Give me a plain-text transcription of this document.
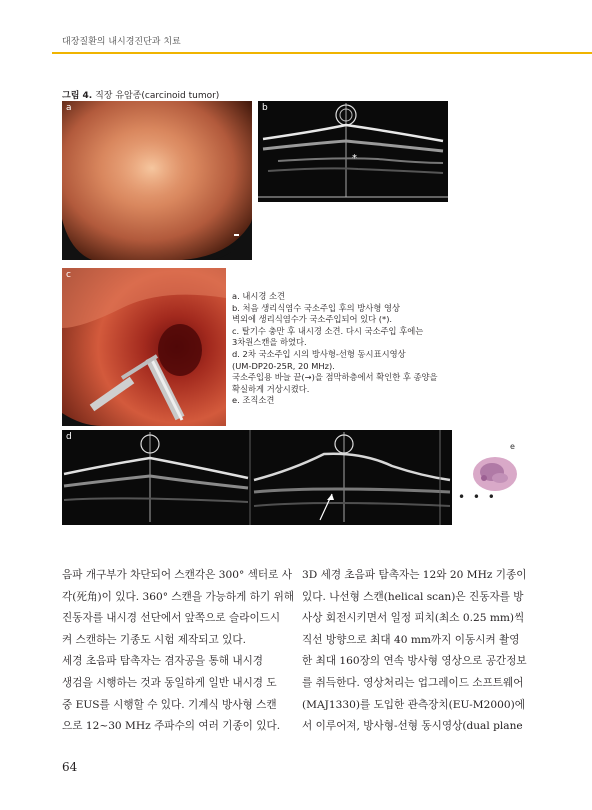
대장질환의 내시경진단과 치료
그림 4. 직장 유암종(carcinoid tumor)
a	b
*
c
a. 내시경 소견
b. 처음 생리식염수 국소주입 후의 방사형 영상
벽외에 생리식염수가 국소주입되어 있다 (*).
c. 탈기수 충만 후 내시경 소견. 다시 국소주입 후에는
3차원스캔을 하였다.
d. 2차 국소주입 시의 방사형-선형 동시표시영상
(UM-DP20-25R, 20 MHz).
국소주입용 바늘 끝(→)을 점막하층에서 확인한 후 종양을
확실하게 거상시켰다.
e. 조직소견
d
• • •
e

음파 개구부가 차단되어 스캔각은 300° 섹터로 사

각(死角)이 있다. 360° 스캔을 가능하게 하기 위해

진동자를 내시경 선단에서 앞쪽으로 슬라이드시

켜 스캔하는 기종도 시험 제작되고 있다.

세경 초음파 탐촉자는 겸자공을 통해 내시경

생검을 시행하는 것과 동일하게 일반 내시경 도

중 EUS를 시행할 수 있다. 기계식 방사형 스캔

으로 12~30 MHz 주파수의 여러 기종이 있다.

3D 세경 초음파 탐촉자는 12와 20 MHz 기종이

있다. 나선형 스캔(helical scan)은 진동자를 방

사상 회전시키면서 일정 피치(최소 0.25 mm)씩

직선 방향으로 최대 40 mm까지 이동시켜 촬영

한 최대 160장의 연속 방사형 영상으로 공간정보

를 취득한다. 영상처리는 업그레이드 소프트웨어

(MAJ1330)를 도입한 관측장치(EU-M2000)에

서 이루어져, 방사형-선형 동시영상(dual plane

64
